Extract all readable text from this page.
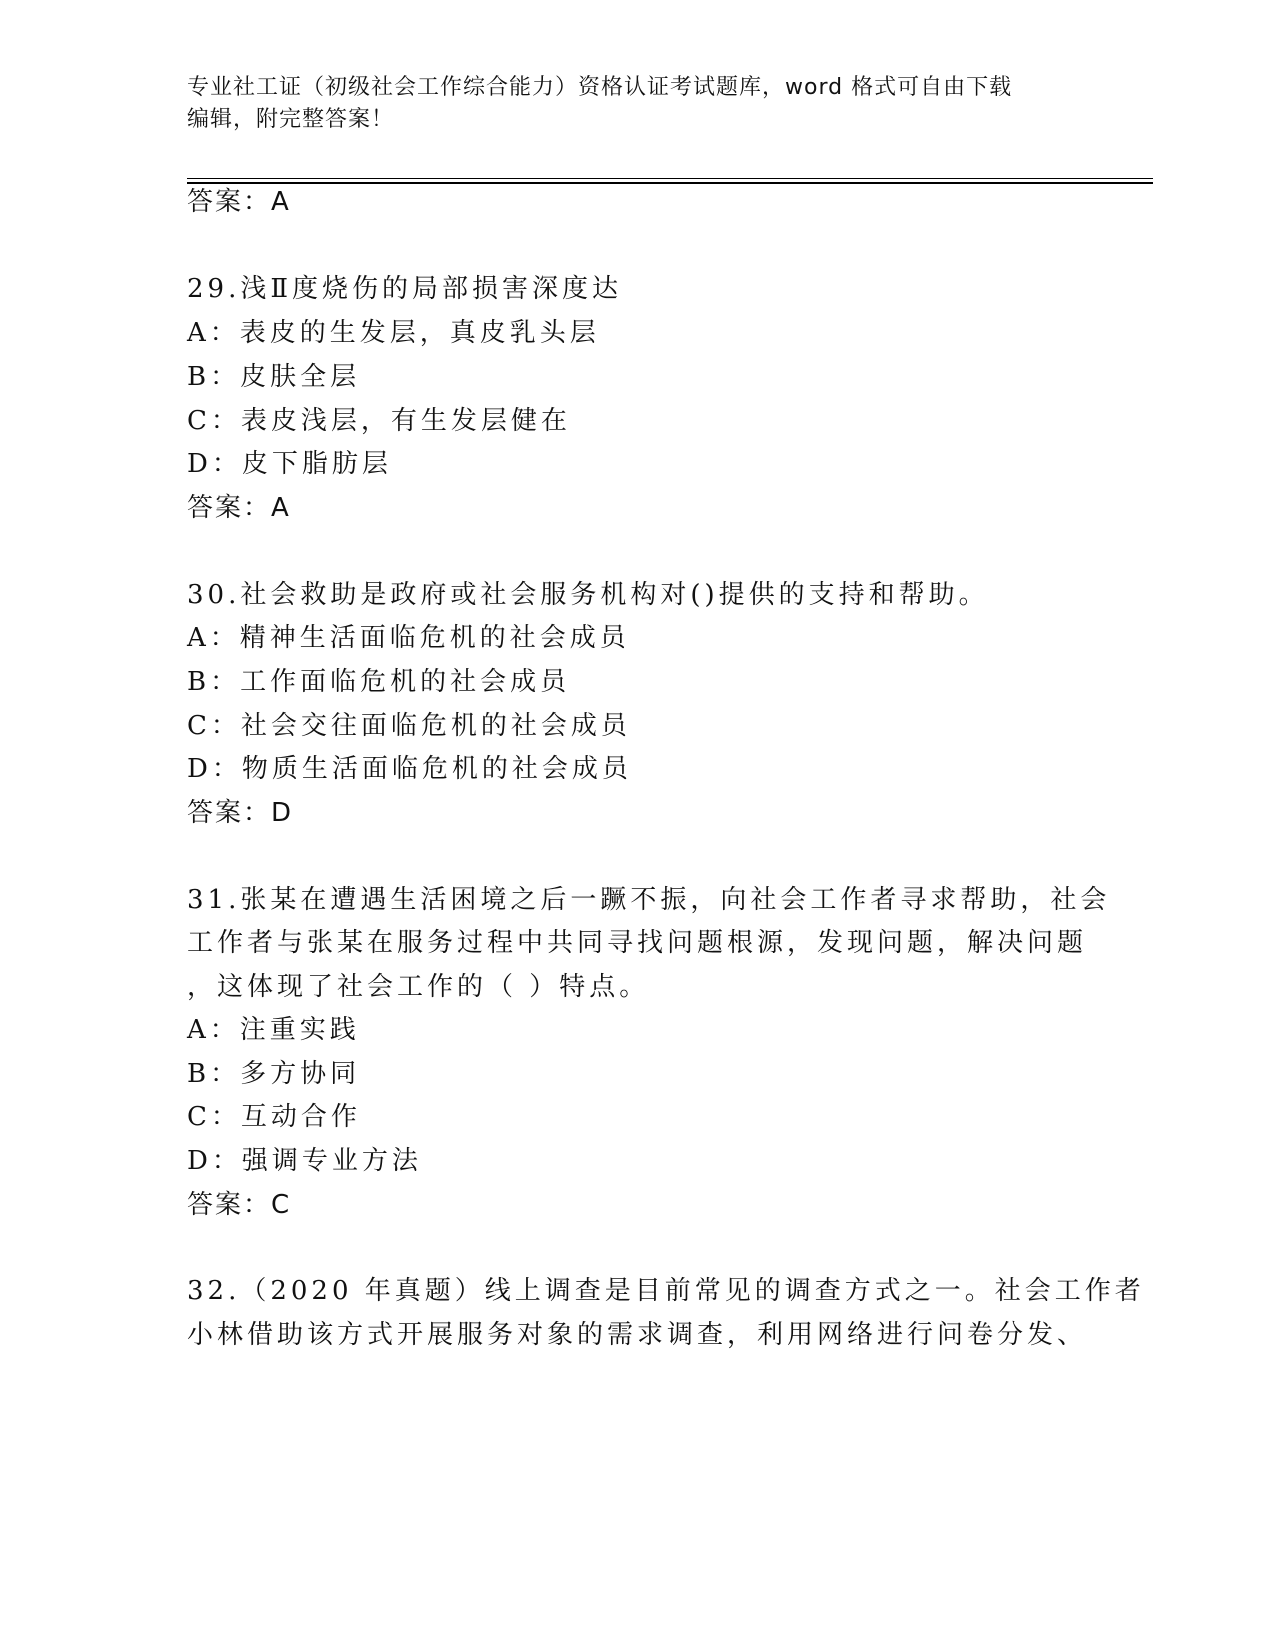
专业社工证（初级社会工作综合能力）资格认证考试题库，word 格式可自由下载
编辑，附完整答案！
答案：A
29.浅Ⅱ度烧伤的局部损害深度达
A：表皮的生发层，真皮乳头层
B：皮肤全层
C：表皮浅层，有生发层健在
D：皮下脂肪层
答案：A
30.社会救助是政府或社会服务机构对()提供的支持和帮助。
A：精神生活面临危机的社会成员
B：工作面临危机的社会成员
C：社会交往面临危机的社会成员
D：物质生活面临危机的社会成员
答案：D
31.张某在遭遇生活困境之后一蹶不振，向社会工作者寻求帮助，社会
工作者与张某在服务过程中共同寻找问题根源，发现问题，解决问题
，这体现了社会工作的（ ）特点。
A：注重实践
B：多方协同
C：互动合作
D：强调专业方法
答案：C
32.（2020 年真题）线上调查是目前常见的调查方式之一。社会工作者
小林借助该方式开展服务对象的需求调查，利用网络进行问卷分发、
